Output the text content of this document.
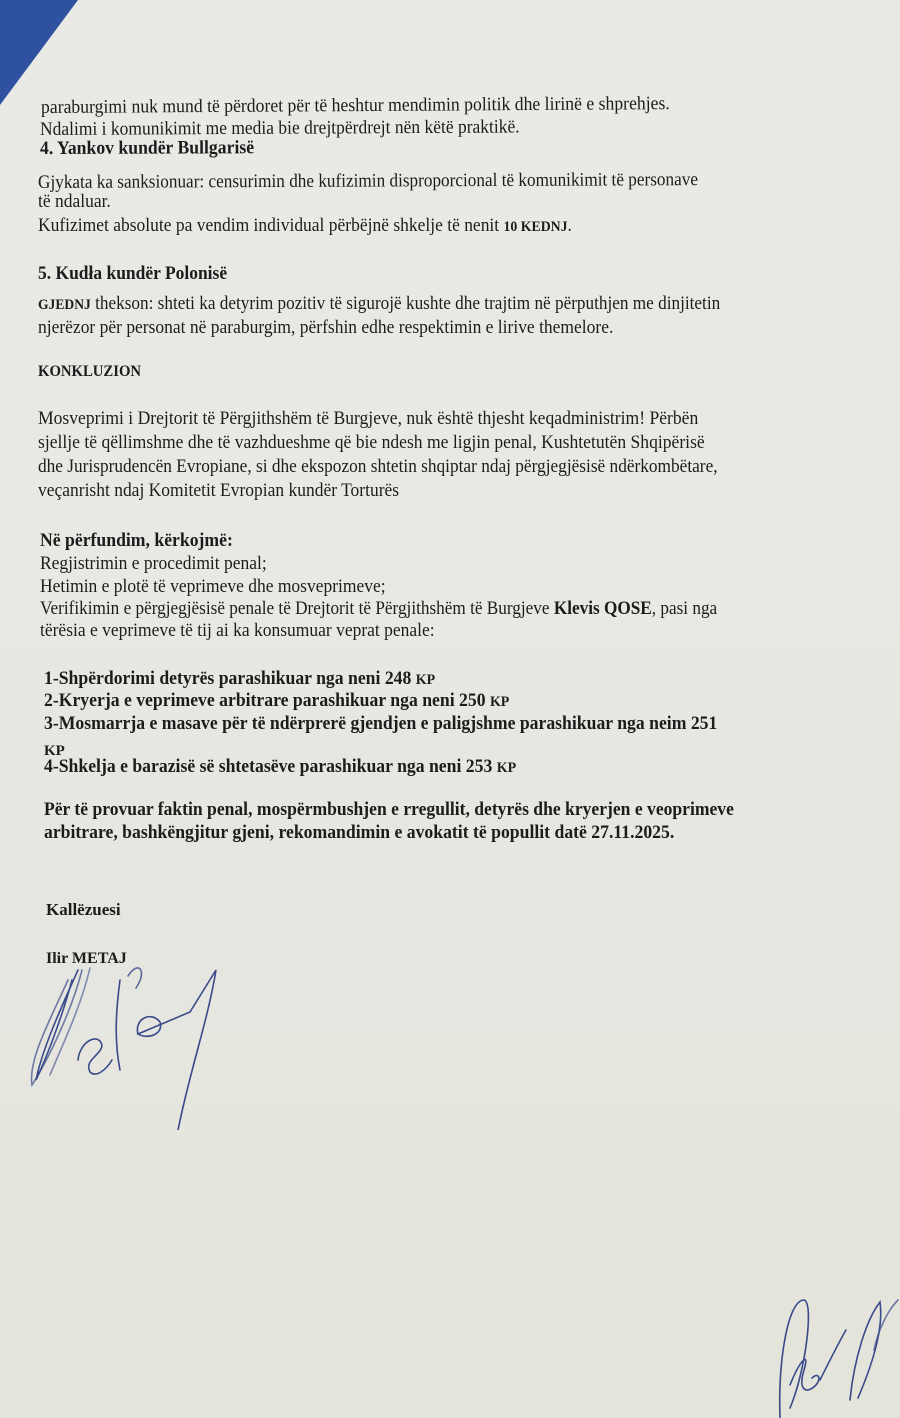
paraburgimi nuk mund të përdoret për të heshtur mendimin politik dhe lirinë e shprehjes.
Ndalimi i komunikimit me media bie drejtpërdrejt nën këtë praktikë.
4. Yankov kundër Bullgarisë
Gjykata ka sanksionuar: censurimin dhe kufizimin disproporcional të komunikimit të personave
të ndaluar.
Kufizimet absolute pa vendim individual përbëjnë shkelje të nenit 10 KEDNJ.
5. Kudła kundër Polonisë
GJEDNJ thekson: shteti ka detyrim pozitiv të sigurojë kushte dhe trajtim në përputhjen me dinjitetin
njerëzor për personat në paraburgim, përfshin edhe respektimin e lirive themelore.
KONKLUZION
Mosveprimi i Drejtorit të Përgjithshëm të Burgjeve, nuk është thjesht keqadministrim! Përbën
sjellje të qëllimshme dhe të vazhdueshme që bie ndesh me ligjin penal, Kushtetutën Shqipërisë
dhe Jurisprudencën Evropiane, si dhe ekspozon shtetin shqiptar ndaj përgjegjësisë ndërkombëtare,
veçanrisht ndaj Komitetit Evropian kundër Torturës
Në përfundim, kërkojmë:
Regjistrimin e procedimit penal;
Hetimin e plotë të veprimeve dhe mosveprimeve;
Verifikimin e përgjegjësisë penale të Drejtorit të Përgjithshëm të Burgjeve Klevis QOSE, pasi nga
tërësia e veprimeve të tij ai ka konsumuar veprat penale:
1-Shpërdorimi detyrës parashikuar nga neni 248 KP
2-Kryerja e veprimeve arbitrare parashikuar nga neni 250 KP
3-Mosmarrja e masave për të ndërprerë gjendjen e paligjshme parashikuar nga neim 251
KP
4-Shkelja e barazisë së shtetasëve parashikuar nga neni 253 KP
Për të provuar faktin penal, mospërmbushjen e rregullit, detyrës dhe kryerjen e veoprimeve
arbitrare, bashkëngjitur gjeni, rekomandimin e avokatit të popullit datë 27.11.2025.
Kallëzuesi
Ilir METAJ
